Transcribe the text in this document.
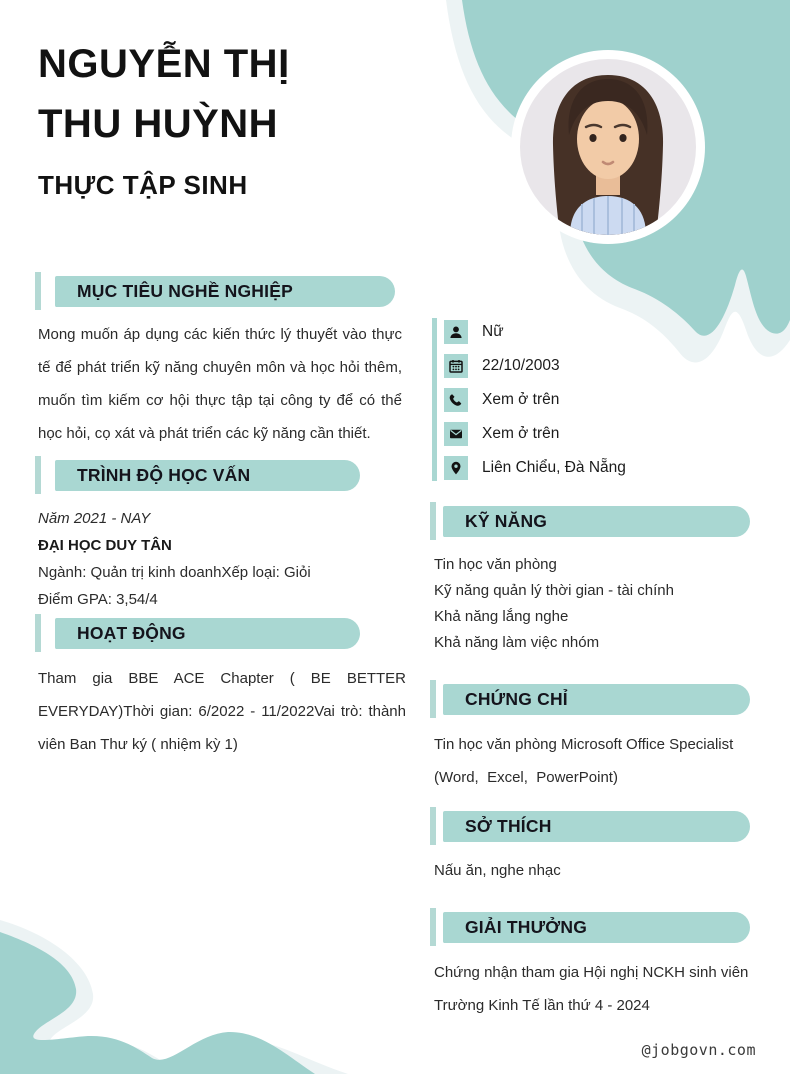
NGUYỄN THỊ
THU HUỲNH
THỰC TẬP SINH
MỤC TIÊU NGHỀ NGHIỆP
Mong muốn áp dụng các kiến thức lý thuyết vào thực tế để phát triển kỹ năng chuyên môn và học hỏi thêm, muốn tìm kiếm cơ hội thực tập tại công ty để có thể học hỏi, cọ xát và phát triển các kỹ năng cần thiết.
TRÌNH ĐỘ HỌC VẤN
Năm 2021 - NAY
ĐẠI HỌC DUY TÂN
Ngành: Quản trị kinh doanhXếp loại: Giỏi
Điểm GPA: 3,54/4
HOẠT ĐỘNG
Tham gia BBE ACE Chapter ( BE BETTER EVERYDAY)Thời gian: 6/2022 - 11/2022Vai trò: thành viên Ban Thư ký ( nhiệm kỳ 1)
Nữ
22/10/2003
Xem ở trên
Xem ở trên
Liên Chiểu, Đà Nẵng
KỸ NĂNG
Tin học văn phòng
Kỹ năng quản lý thời gian - tài chính
Khả năng lắng nghe
Khả năng làm việc nhóm
CHỨNG CHỈ
Tin học văn phòng Microsoft Office Specialist (Word,  Excel,  PowerPoint)
SỞ THÍCH
Nấu ăn, nghe nhạc
GIẢI THƯỞNG
Chứng nhận tham gia Hội nghị NCKH sinh viên Trường Kinh Tế lần thứ 4 - 2024
@jobgovn.com
